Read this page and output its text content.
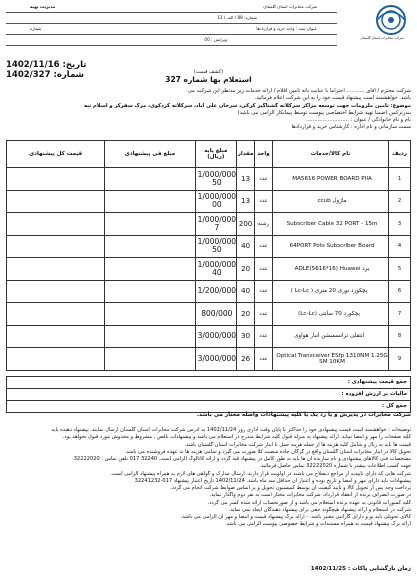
شرکت مخابرات استان گلستان
مدیریت تهیه
شماره: 88 / الف / 13
عنوان سند : واحد خرید و قراردادها
شماره
ویرایش : 00	شرکت مخابرات استان گلستان
تاریخ: 1402/11/16
شماره: 1402/327	(کشف قیمت)
استعلام بها شماره 327
شرکت محترم / آقای ........... احتراماً با عنایت بانه تامین اقلام / ارائه خدمات زیر مدنظر این شرکت می
باشد. خواهشمند است پیشنهاد قیمت خود را به این شرکت اعلام فرمائید.
موضوع: تامین ملزومات جهت توسعه مراکز سرکلاته گشتاگیر کرکی، سرخان علی آباد، سرکلاته کردکوی، مرگ سفرکز و اسلام تپه
بندرترکمن (ضمنا تهیه شرایط اختصاصی پیوست توسط پیمانکار الزامی می باشد)
نام و نام خانوادگی / عنوان : ..........................
سمت سازمانی و نام اداره : کارشناس خرید و قراردادها
ردیف	نام کالا/خدمات	واحد	مقدار	مبلغ پایه (ریال)	مبلغ فی پیشنهادی	قیمت کل پیشنهادی
1	MA5616 POWER BOARD PIIA	عدد	13	1/000/000 50		
2	ccub ماژول	عدد	13	1/000/000 00		
3	Subscriber Cable 32 PORT - 15m	رشته	200	1/000/000 7		
4	64PORT Pots Subscriber Board	عدد	40	1/000/000 50		
5	ADLE(5616*16) Huawei برد	عدد	20	1/000/000 40		
6	پچکورد نوری 20 متری ( Lc-Lc )	عدد	40	1/200/000		
7	پچکورد 70 سانتی (Lc-Lc)	عدد	20	800/000		
8	انتقلی ترانسمیشن انبار هواوی	عدد	30	3/000/000		
9	Optical Transceiver ESfp 1310NM 1.25G SM 10KM	عدد	26	3/000/000		
جمع قیمت پیشنهادی :
مالیات بر ارزش افزوده :
جمع کل :
شرکت مخابرات در پذیرش و یا رد یک یا کلیه پیشنهادات واصله مختار می باشد.
توضیحات : خواهشمند است قیمت پیشنهادی خود را حداکثر تا پایان وقت اداری روز 1402/11/24 به آدرس شرکت مخابرات استان گلستان ارسال نمایند. پیشنهاد دهنده باید
کلیه صفحات را مهر و امضا نماید. ارائه پیشنهاد به منزله قبول کلیه شرایط مندرج در استعلام می باشد و پیشنهادات ناقص ، مشروط و مخدوش مورد قبول نخواهد بود.
قیمت ها باید به ریال و شامل کلیه هزینه ها از جمله هزینه حمل تا انبار شرکت مخابرات استان گلستان باشد.
تحویل کالا در انبار مخابرات استان گلستان واقع در گرگان جاده شصت کلا صورت می گیرد و تمامی هزینه ها به عهده فروشنده می باشد.
مشخصات فنی کالاهای پیشنهادی و نام سازنده آن ها باید به طور کامل در پیشنهاد قید گردد و ارائه کاتالوگ الزامی است. 32240 017 تلفن تماس : 32222020
جهت کسب اطلاعات بیشتر با شماره 32222020 تماس حاصل فرمائید.
شرکت هایی که دارای تاییدیه از مراجع ذیصلاح می باشند در اولویت قرار دارند. ارسال مدارک و گواهی های لازم به همراه پیشنهاد الزامی است.
پیشنهادات باید دارای مهر و امضا و تاریخ بوده و اعتبار آن حداقل سه ماه باشد. 1402/11/24 تاریخ اعتبار پیشنهاد 017-32241232
پرداخت وجه پس از تحویل کالا و تایید کیفیت آن توسط کمیسیون تحویل و بر اساس ضوابط شرکت انجام می گردد.
در صورت انصراف برنده از انعقاد قرارداد، شرکت مخابرات مختار است به نفر دوم واگذار نماید.
کلیه کسورات قانونی به عهده برنده استعلام می باشد و از صورتحساب ارائه شده کسر می گردد.
شرکت در استعلام و ارائه پیشنهاد هیچگونه حقی برای پیشنهاد دهندگان ایجاد نمی نماید.
کالای تحویلی باید نو و دارای گارانتی معتبر باشد. - ارائه برگ پیشنهاد قیمت و امضا و مهر آن الزامی می باشد.
ارائه برگ پیشنهاد قیمت به همراه مستندات و شرایط خصوصی پیوست الزامی می باشد.
زمان بازگشایی پاکات : 1402/11/25
